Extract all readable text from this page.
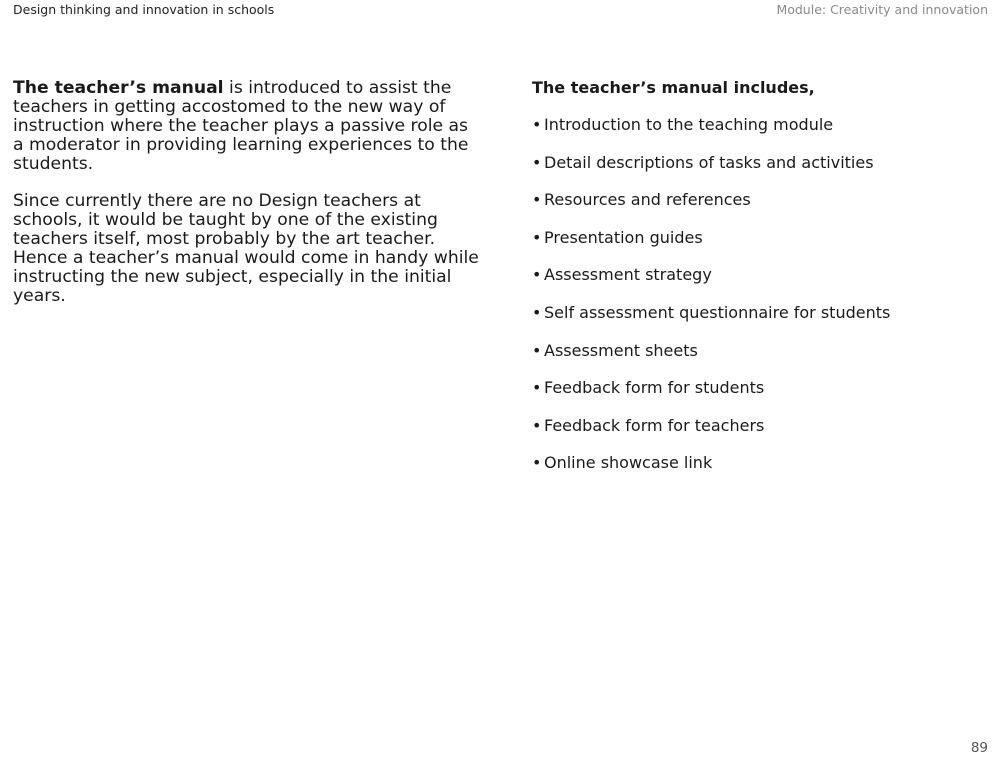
Design thinking and innovation in schools	Module: Creativity and innovation

The teacher’s manual is introduced to assist the teachers in getting accostomed to the new way of instruction where the teacher plays a passive role as a moderator in providing learning experiences to the students.

Since currently there are no Design teachers at schools, it would be taught by one of the existing teachers itself, most probably by the art teacher. Hence a teacher’s manual would come in handy while instructing the new subject, especially in the initial years.

The teacher’s manual includes,
• Introduction to the teaching module
• Detail descriptions of tasks and activities
• Resources and references
• Presentation guides
• Assessment strategy
• Self assessment questionnaire for students
• Assessment sheets
• Feedback form for students
• Feedback form for teachers
• Online showcase link
89
